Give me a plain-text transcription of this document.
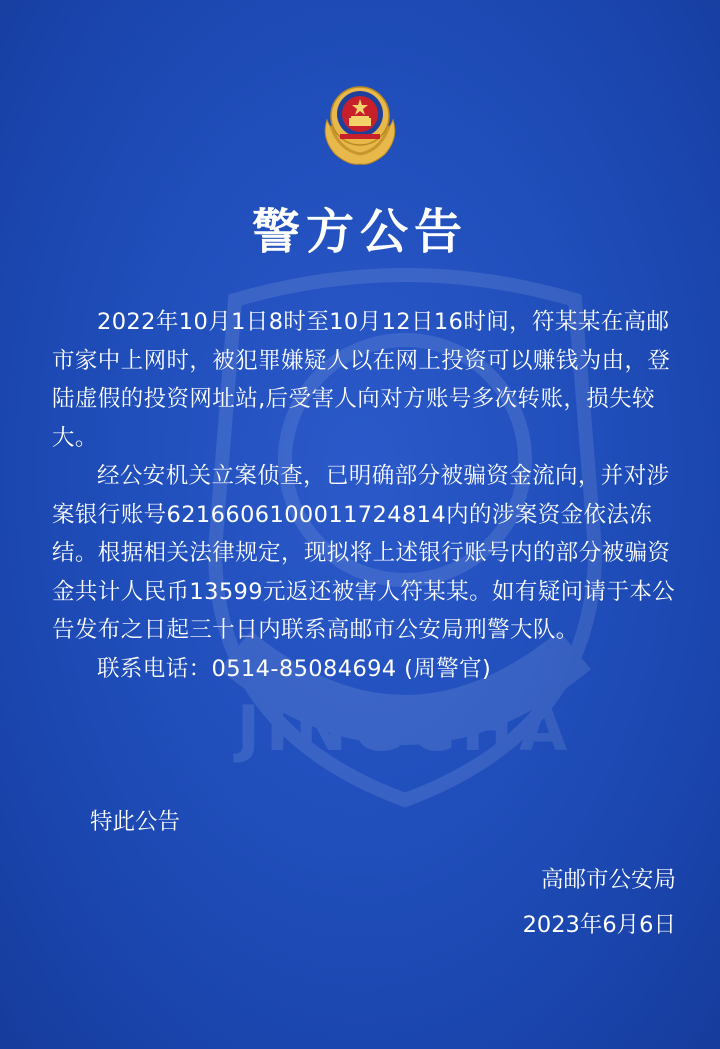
JINGCHA
警方公告

2022年10月1日8时至10月12日16时间，符某某在高邮市家中上网时，被犯罪嫌疑人以在网上投资可以赚钱为由，登陆虚假的投资网址站,后受害人向对方账号多次转账，损失较大。

经公安机关立案侦查，已明确部分被骗资金流向，并对涉案银行账号6216606100011724814内的涉案资金依法冻结。根据相关法律规定，现拟将上述银行账号内的部分被骗资金共计人民币13599元返还被害人符某某。如有疑问请于本公告发布之日起三十日内联系高邮市公安局刑警大队。

联系电话：0514-85084694 (周警官)

特此公告
高邮市公安局
2023年6月6日
